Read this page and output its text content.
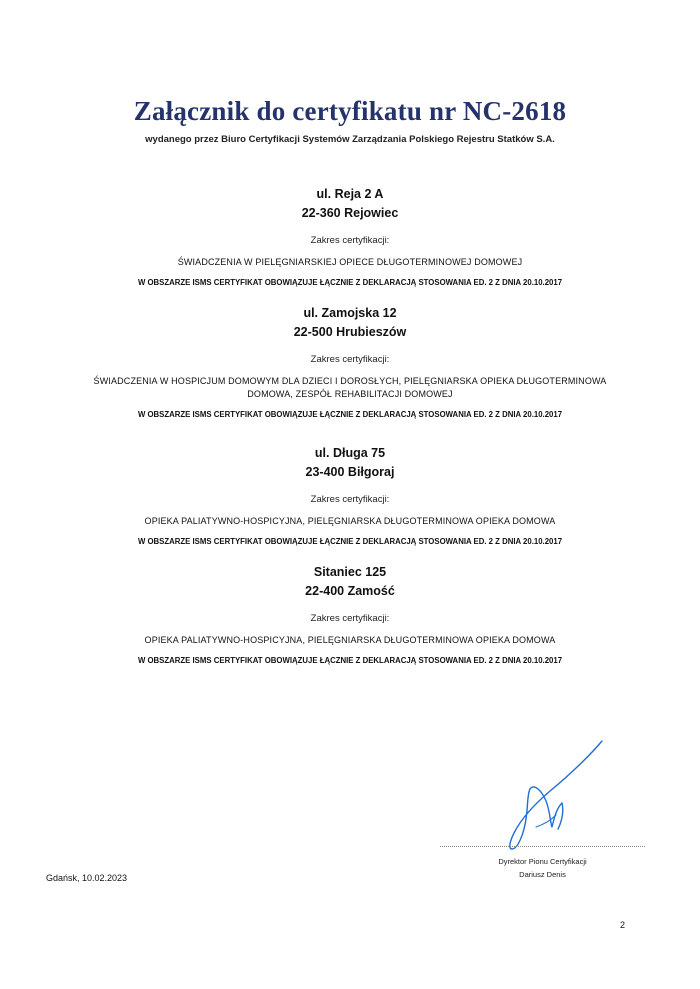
Załącznik do certyfikatu nr NC-2618
wydanego przez Biuro Certyfikacji Systemów Zarządzania Polskiego Rejestru Statków S.A.
ul. Reja 2 A
22-360 Rejowiec
Zakres certyfikacji:
ŚWIADCZENIA W PIELĘGNIARSKIEJ OPIECE DŁUGOTERMINOWEJ DOMOWEJ
W OBSZARZE ISMS CERTYFIKAT OBOWIĄZUJE ŁĄCZNIE Z DEKLARACJĄ STOSOWANIA ED. 2 Z DNIA 20.10.2017
ul. Zamojska 12
22-500 Hrubieszów
Zakres certyfikacji:
ŚWIADCZENIA W HOSPICJUM DOMOWYM DLA DZIECI I DOROSŁYCH, PIELĘGNIARSKA OPIEKA DŁUGOTERMINOWA
DOMOWA, ZESPÓŁ REHABILITACJI DOMOWEJ
W OBSZARZE ISMS CERTYFIKAT OBOWIĄZUJE ŁĄCZNIE Z DEKLARACJĄ STOSOWANIA ED. 2 Z DNIA 20.10.2017
ul. Długa 75
23-400 Biłgoraj
Zakres certyfikacji:
OPIEKA PALIATYWNO-HOSPICYJNA, PIELĘGNIARSKA DŁUGOTERMINOWA OPIEKA DOMOWA
W OBSZARZE ISMS CERTYFIKAT OBOWIĄZUJE ŁĄCZNIE Z DEKLARACJĄ STOSOWANIA ED. 2 Z DNIA 20.10.2017
Sitaniec 125
22-400 Zamość
Zakres certyfikacji:
OPIEKA PALIATYWNO-HOSPICYJNA, PIELĘGNIARSKA DŁUGOTERMINOWA OPIEKA DOMOWA
W OBSZARZE ISMS CERTYFIKAT OBOWIĄZUJE ŁĄCZNIE Z DEKLARACJĄ STOSOWANIA ED. 2 Z DNIA 20.10.2017
Dyrektor Pionu Certyfikacji
Dariusz Denis
Gdańsk, 10.02.2023
2
